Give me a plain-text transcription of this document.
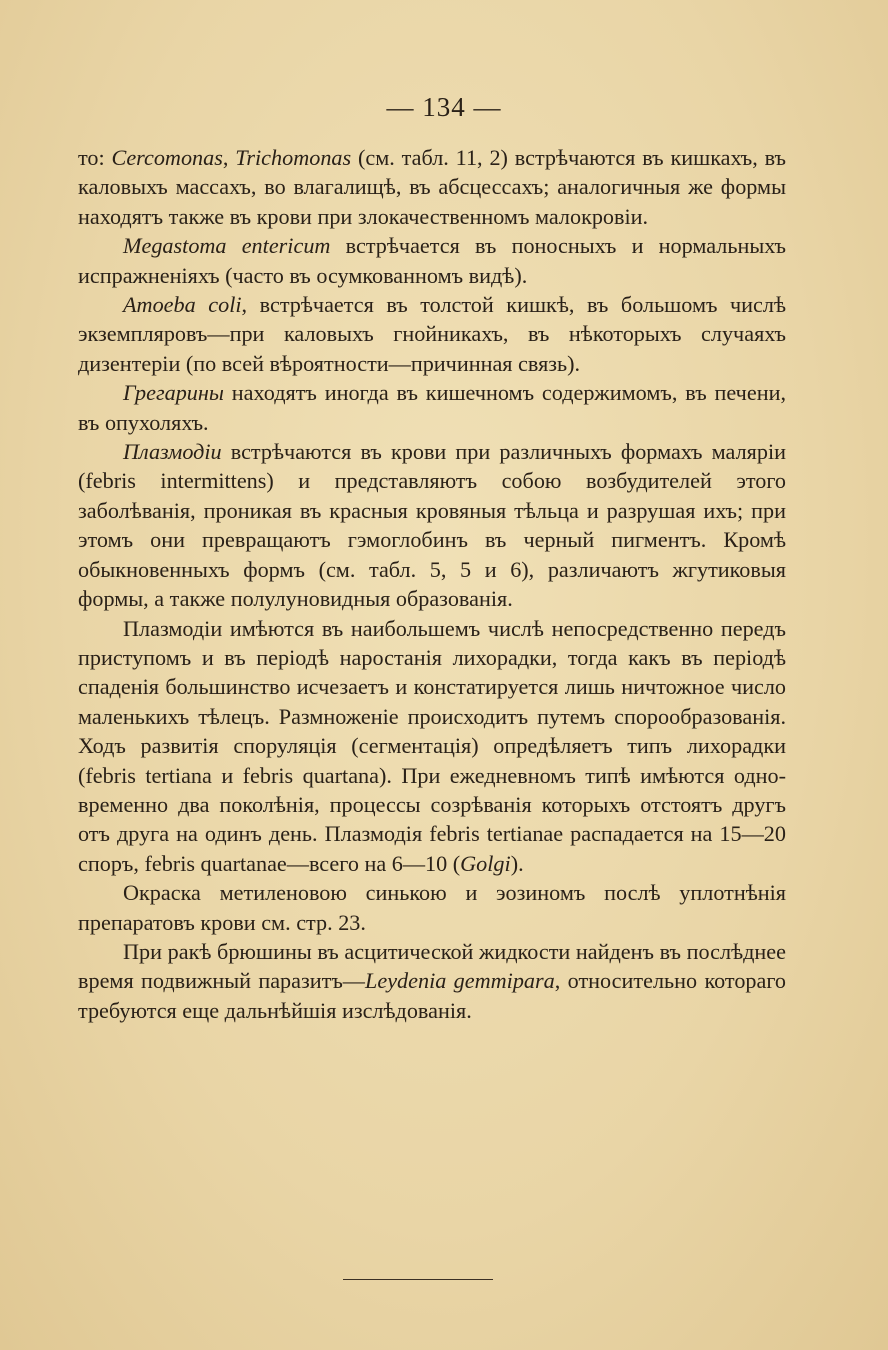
— 134 —

то: Cercomonas, Trichomonas (см. табл. 11, 2) встрѣчаются въ кишкахъ, въ каловыхъ массахъ, во влагалищѣ, въ абсцессахъ; аналогичныя же формы находятъ также въ крови при злокачественномъ малокровіи.

Megastoma entericum встрѣчается въ поносныхъ и нормальныхъ испражненіяхъ (часто въ осумкованномъ видѣ).

Amoeba coli, встрѣчается въ толстой кишкѣ, въ большомъ числѣ экземпляровъ—при каловыхъ гнойникахъ, въ нѣкоторыхъ случаяхъ дизентеріи (по всей вѣроятности—причинная связь).

Грегарины находятъ иногда въ кишечномъ содержимомъ, въ печени, въ опухоляхъ.

Плазмодіи встрѣчаются въ крови при различныхъ формахъ маляріи (febris intermittens) и представляютъ собою возбудителей этого заболѣванія, проникая въ красныя кровяныя тѣльца и разрушая ихъ; при этомъ они превращаютъ гэмоглобинъ въ черный пигментъ. Кромѣ обыкновенныхъ формъ (см. табл. 5, 5 и 6), различаютъ жгутиковыя формы, а также полулуновидныя образованія.

Плазмодіи имѣются въ наибольшемъ числѣ непосредственно передъ приступомъ и въ періодѣ наростанія лихорадки, тогда какъ въ періодѣ спаденія большинство исчезаетъ и констатируется лишь ничтожное число маленькихъ тѣлецъ. Размноженіе происходитъ путемъ спорообразованія. Ходъ развитія споруляція (сегментація) опредѣляетъ типъ лихорадки (febris tertiana и febris quartana). При ежедневномъ типѣ имѣются одновременно два поколѣнія, процессы созрѣванія которыхъ отстоятъ другъ отъ друга на одинъ день. Плазмодія febris tertianae распадается на 15—20 споръ, febris quartanae—всего на 6—10 (Golgi).

Окраска метиленовою синькою и эозиномъ послѣ уплотнѣнія препаратовъ крови см. стр. 23.

При ракѣ брюшины въ асцитической жидкости найденъ въ послѣднее время подвижный паразитъ—Leydenia gemmipara, относительно котораго требуются еще дальнѣйшія изслѣдованія.
